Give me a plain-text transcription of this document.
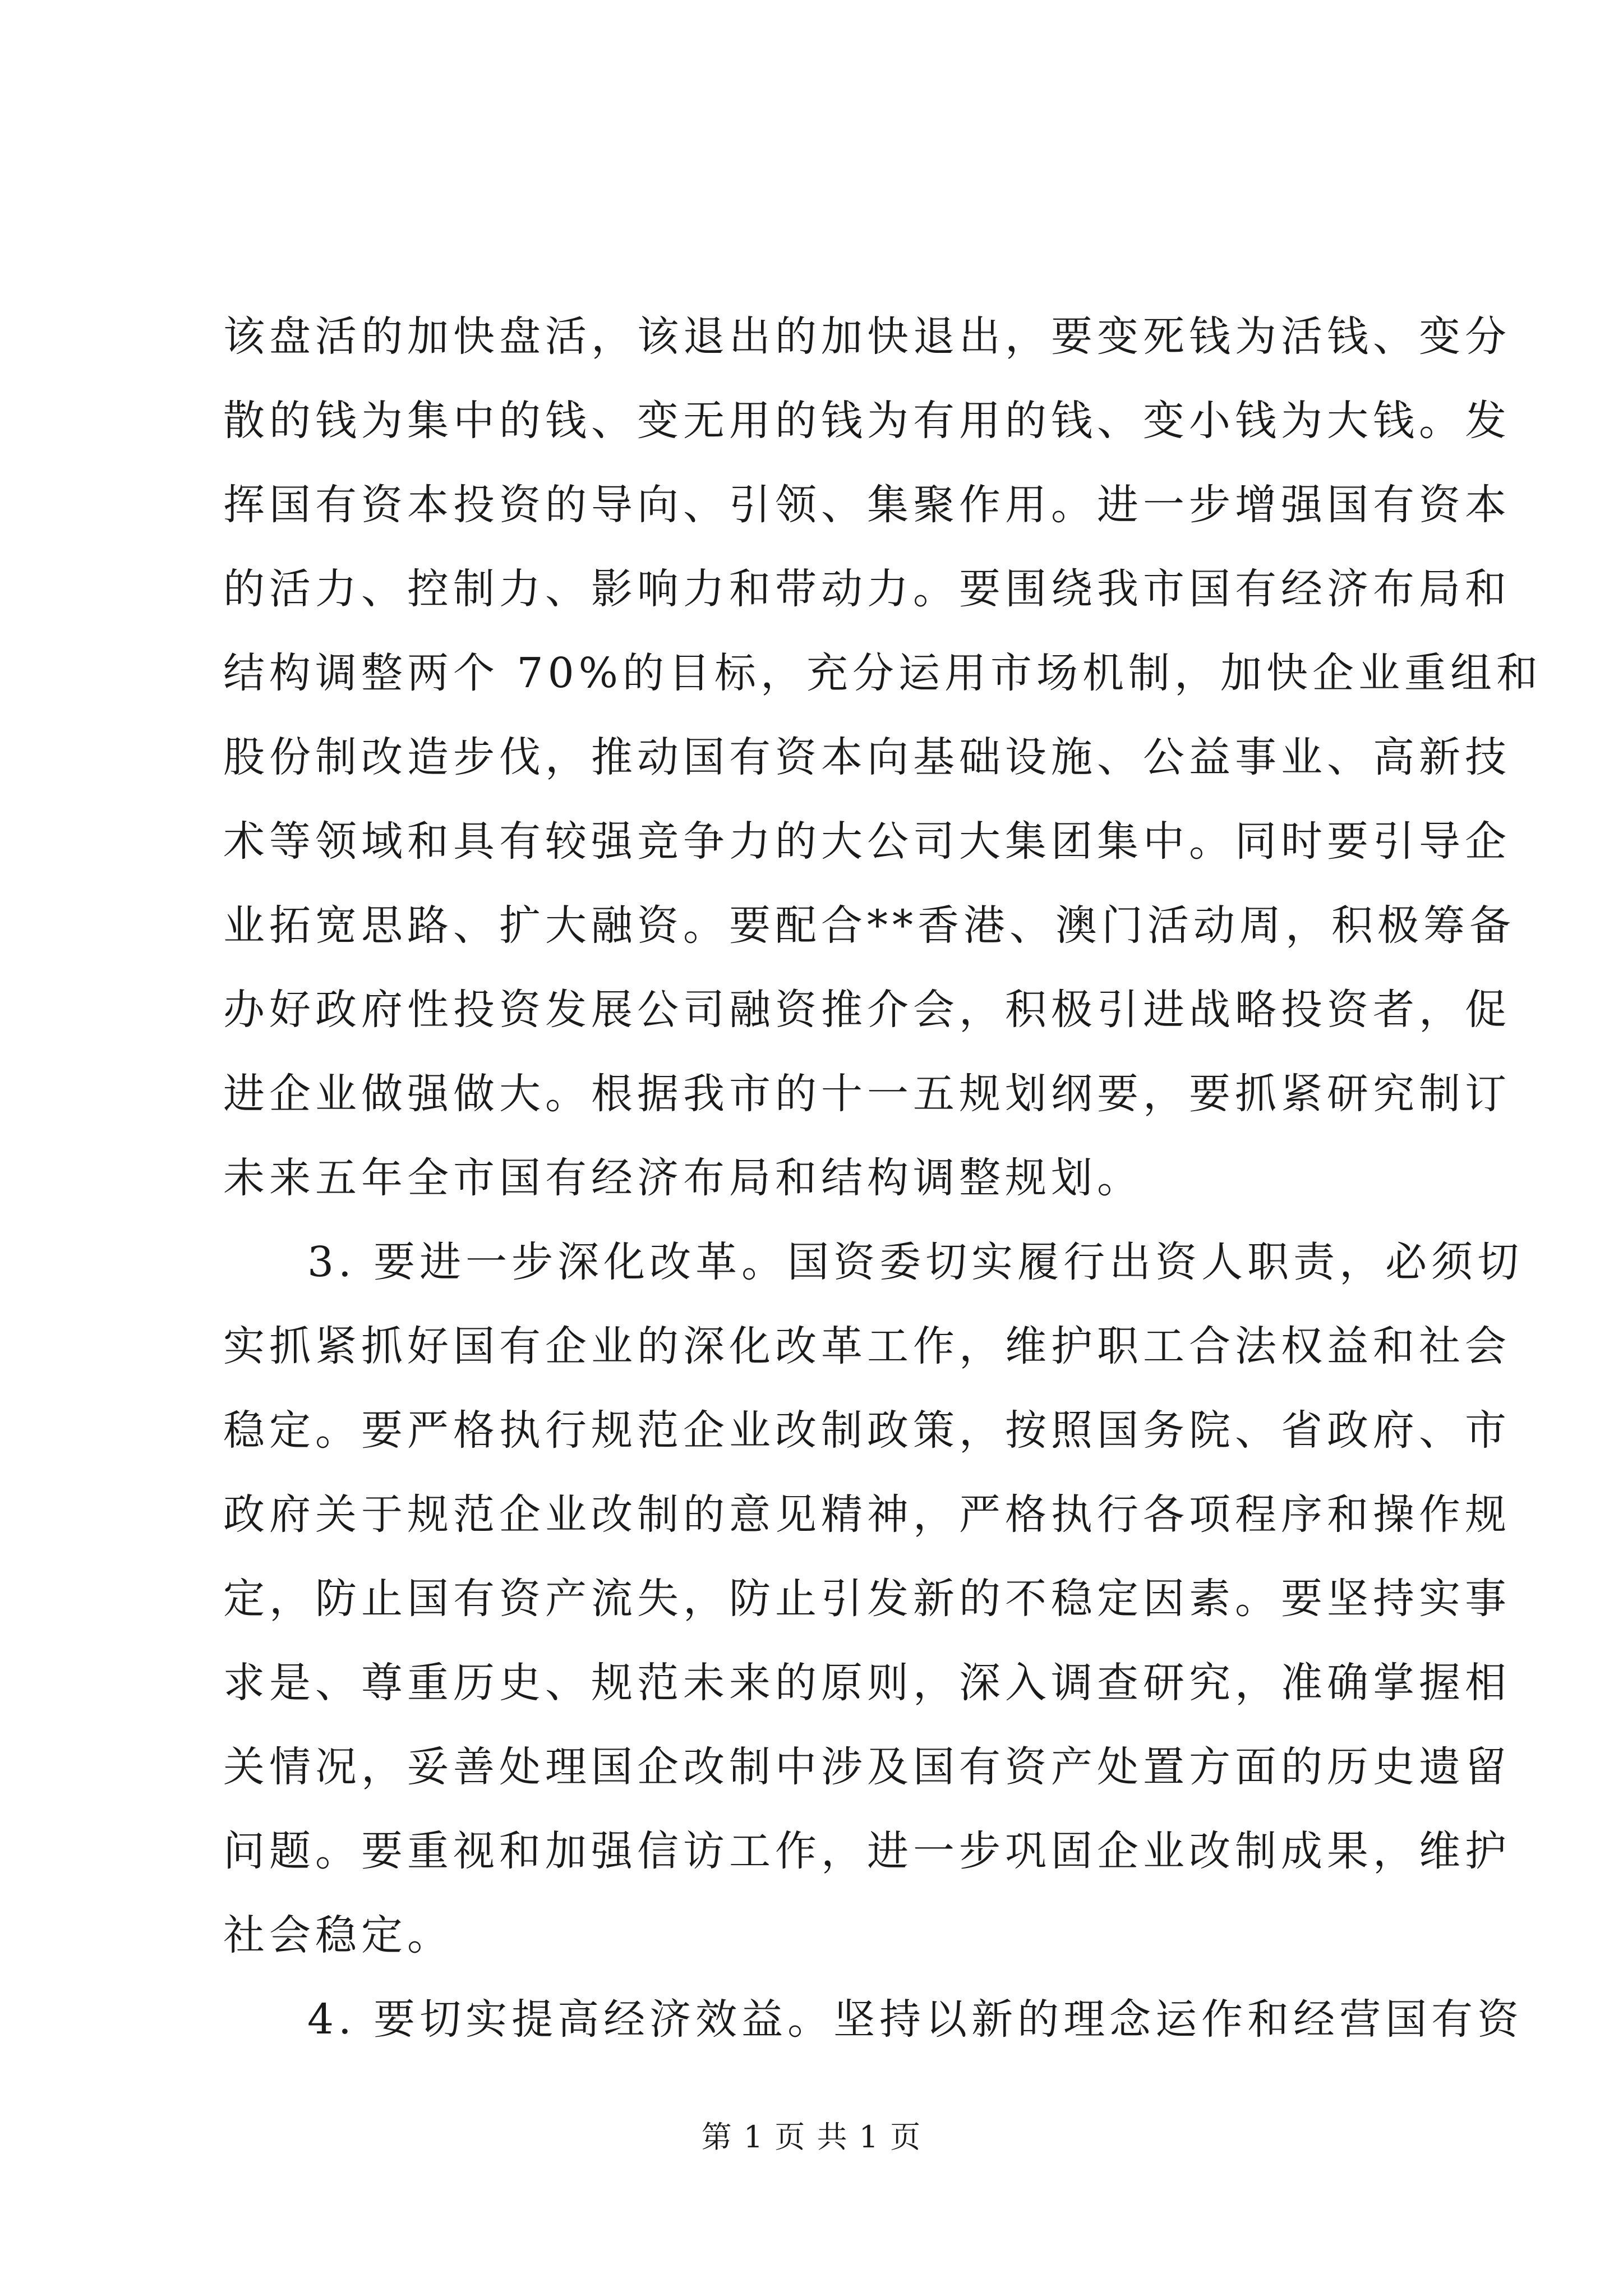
该盘活的加快盘活，该退出的加快退出，要变死钱为活钱、变分
散的钱为集中的钱、变无用的钱为有用的钱、变小钱为大钱。发
挥国有资本投资的导向、引领、集聚作用。进一步增强国有资本
的活力、控制力、影响力和带动力。要围绕我市国有经济布局和
结构调整两个 70%的目标，充分运用市场机制，加快企业重组和
股份制改造步伐，推动国有资本向基础设施、公益事业、高新技
术等领域和具有较强竞争力的大公司大集团集中。同时要引导企
业拓宽思路、扩大融资。要配合**香港、澳门活动周，积极筹备
办好政府性投资发展公司融资推介会，积极引进战略投资者，促
进企业做强做大。根据我市的十一五规划纲要，要抓紧研究制订
未来五年全市国有经济布局和结构调整规划。
3. 要进一步深化改革。国资委切实履行出资人职责，必须切
实抓紧抓好国有企业的深化改革工作，维护职工合法权益和社会
稳定。要严格执行规范企业改制政策，按照国务院、省政府、市
政府关于规范企业改制的意见精神，严格执行各项程序和操作规
定，防止国有资产流失，防止引发新的不稳定因素。要坚持实事
求是、尊重历史、规范未来的原则，深入调查研究，准确掌握相
关情况，妥善处理国企改制中涉及国有资产处置方面的历史遗留
问题。要重视和加强信访工作，进一步巩固企业改制成果，维护
社会稳定。
4. 要切实提高经济效益。坚持以新的理念运作和经营国有资
第 1 页 共 1 页
